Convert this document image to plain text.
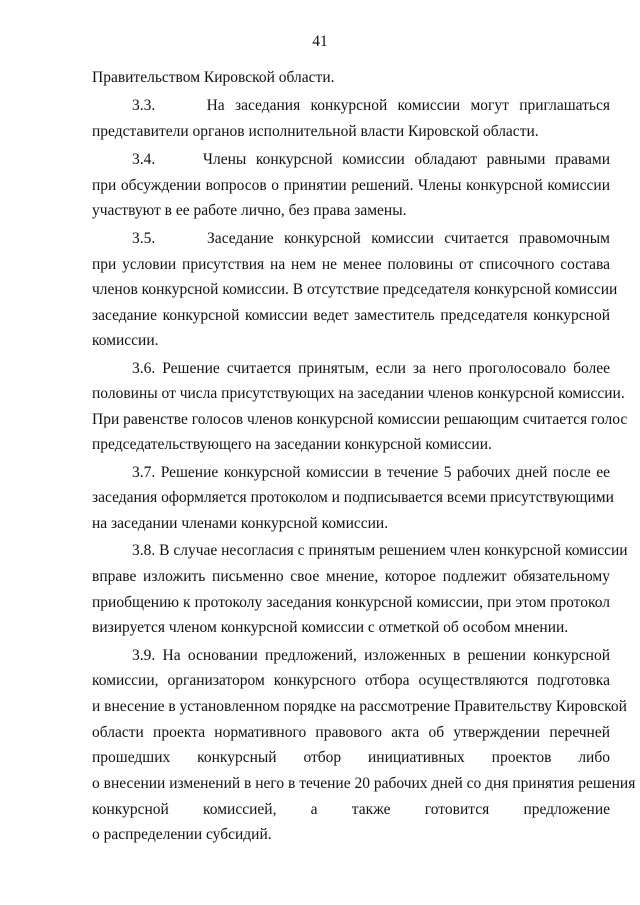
41
Правительством Кировской области.
3.3.     На заседания конкурсной комиссии могут приглашаться
представители органов исполнительной власти Кировской области.
3.4.     Члены конкурсной комиссии обладают равными правами
при обсуждении вопросов о принятии решений. Члены конкурсной комиссии
участвуют в ее работе лично, без права замены.
3.5.     Заседание конкурсной комиссии считается правомочным
при условии присутствия на нем не менее половины от списочного состава
членов конкурсной комиссии. В отсутствие председателя конкурсной комиссии
заседание конкурсной комиссии ведет заместитель председателя конкурсной
комиссии.
3.6. Решение считается принятым, если за него проголосовало более
половины от числа присутствующих на заседании членов конкурсной комиссии.
При равенстве голосов членов конкурсной комиссии решающим считается голос
председательствующего на заседании конкурсной комиссии.
3.7. Решение конкурсной комиссии в течение 5 рабочих дней после ее
заседания оформляется протоколом и подписывается всеми присутствующими
на заседании членами конкурсной комиссии.
3.8. В случае несогласия с принятым решением член конкурсной комиссии
вправе изложить письменно свое мнение, которое подлежит обязательному
приобщению к протоколу заседания конкурсной комиссии, при этом протокол
визируется членом конкурсной комиссии с отметкой об особом мнении.
3.9. На основании предложений, изложенных в решении конкурсной
комиссии, организатором конкурсного отбора осуществляются подготовка
и внесение в установленном порядке на рассмотрение Правительству Кировской
области проекта нормативного правового акта об утверждении перечней
прошедших конкурсный отбор инициативных проектов либо
о внесении изменений в него в течение 20 рабочих дней со дня принятия решения
конкурсной комиссией, а также готовится предложение
о распределении субсидий.
